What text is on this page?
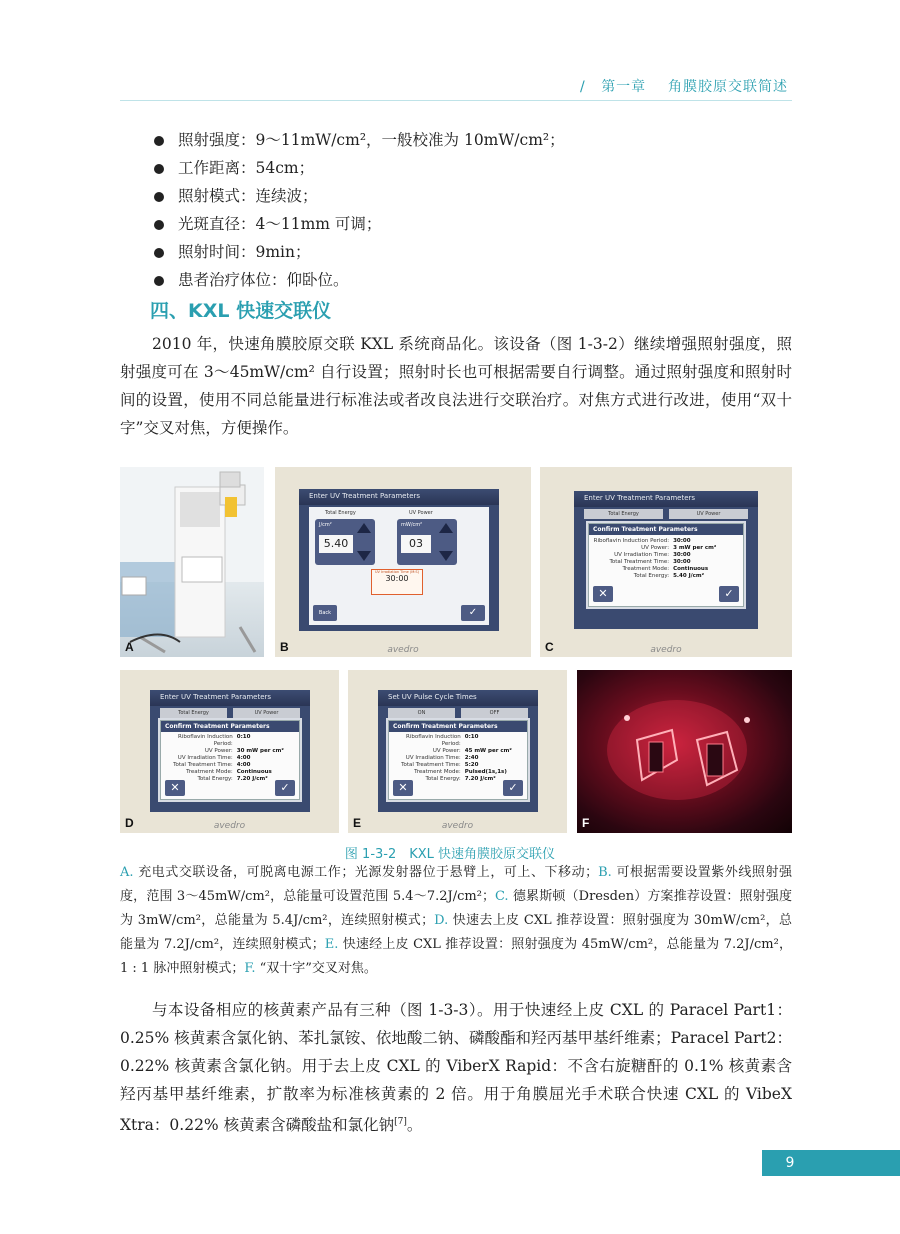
/ 第一章 角膜胶原交联简述
照射强度：9～11mW/cm²，一般校准为 10mW/cm²；
工作距离：54cm；
照射模式：连续波；
光斑直径：4～11mm 可调；
照射时间：9min；
患者治疗体位：仰卧位。
四、KXL 快速交联仪

2010 年，快速角膜胶原交联 KXL 系统商品化。该设备（图 1-3-2）继续增强照射强度，照射强度可在 3～45mW/cm² 自行设置；照射时长也可根据需要自行调整。通过照射强度和照射时间的设置，使用不同总能量进行标准法或者改良法进行交联治疗。对焦方式进行改进，使用“双十字”交叉对焦，方便操作。

A
Enter UV Treatment Parameters
Total Energy	UV Power
J/cm²
5.40
mW/cm²
03
UV Irradiation Time (M:S)
30:00
Back	✓
avedro
B
Enter UV Treatment Parameters
Total Energy	UV Power
Confirm Treatment Parameters
Riboflavin Induction Period: 30:00
UV Power: 3 mW per cm²
UV Irradiation Time: 30:00
Total Treatment Time: 30:00
Treatment Mode: Continuous
Total Energy: 5.40 J/cm²
✕	✓
avedro
C
Enter UV Treatment Parameters
Total Energy	UV Power
Confirm Treatment Parameters
Riboflavin Induction Period:
0:10
UV Power: 30 mW per cm²
UV Irradiation Time: 4:00
Total Treatment Time: 4:00
Treatment Mode: Continuous
Total Energy: 7.20 J/cm²
✕	✓
avedro
D
Set UV Pulse Cycle Times
ON	OFF
Confirm Treatment Parameters
Riboflavin Induction Period:
0:10
UV Power: 45 mW per cm²
UV Irradiation Time: 2:40
Total Treatment Time: 5:20
Treatment Mode: Pulsed(1s,1s)
Total Energy: 7.20 J/cm²
✕	✓
avedro
E	F
图 1-3-2　KXL 快速角膜胶原交联仪

A. 充电式交联设备，可脱离电源工作；光源发射器位于悬臂上，可上、下移动；B. 可根据需要设置紫外线照射强度，范围 3～45mW/cm²，总能量可设置范围 5.4～7.2J/cm²；C. 德累斯顿（Dresden）方案推荐设置：照射强度为 3mW/cm²，总能量为 5.4J/cm²，连续照射模式；D. 快速去上皮 CXL 推荐设置：照射强度为 30mW/cm²，总能量为 7.2J/cm²，连续照射模式；E. 快速经上皮 CXL 推荐设置：照射强度为 45mW/cm²，总能量为 7.2J/cm²，1 : 1 脉冲照射模式；F. “双十字”交叉对焦。

与本设备相应的核黄素产品有三种（图 1-3-3）。用于快速经上皮 CXL 的 Paracel Part1：0.25% 核黄素含氯化钠、苯扎氯铵、依地酸二钠、磷酸酯和羟丙基甲基纤维素；Paracel Part2：0.22% 核黄素含氯化钠。用于去上皮 CXL 的 ViberX Rapid：不含右旋糖酐的 0.1% 核黄素含羟丙基甲基纤维素，扩散率为标准核黄素的 2 倍。用于角膜屈光手术联合快速 CXL 的 VibeX Xtra：0.22% 核黄素含磷酸盐和氯化钠[7]。

9
